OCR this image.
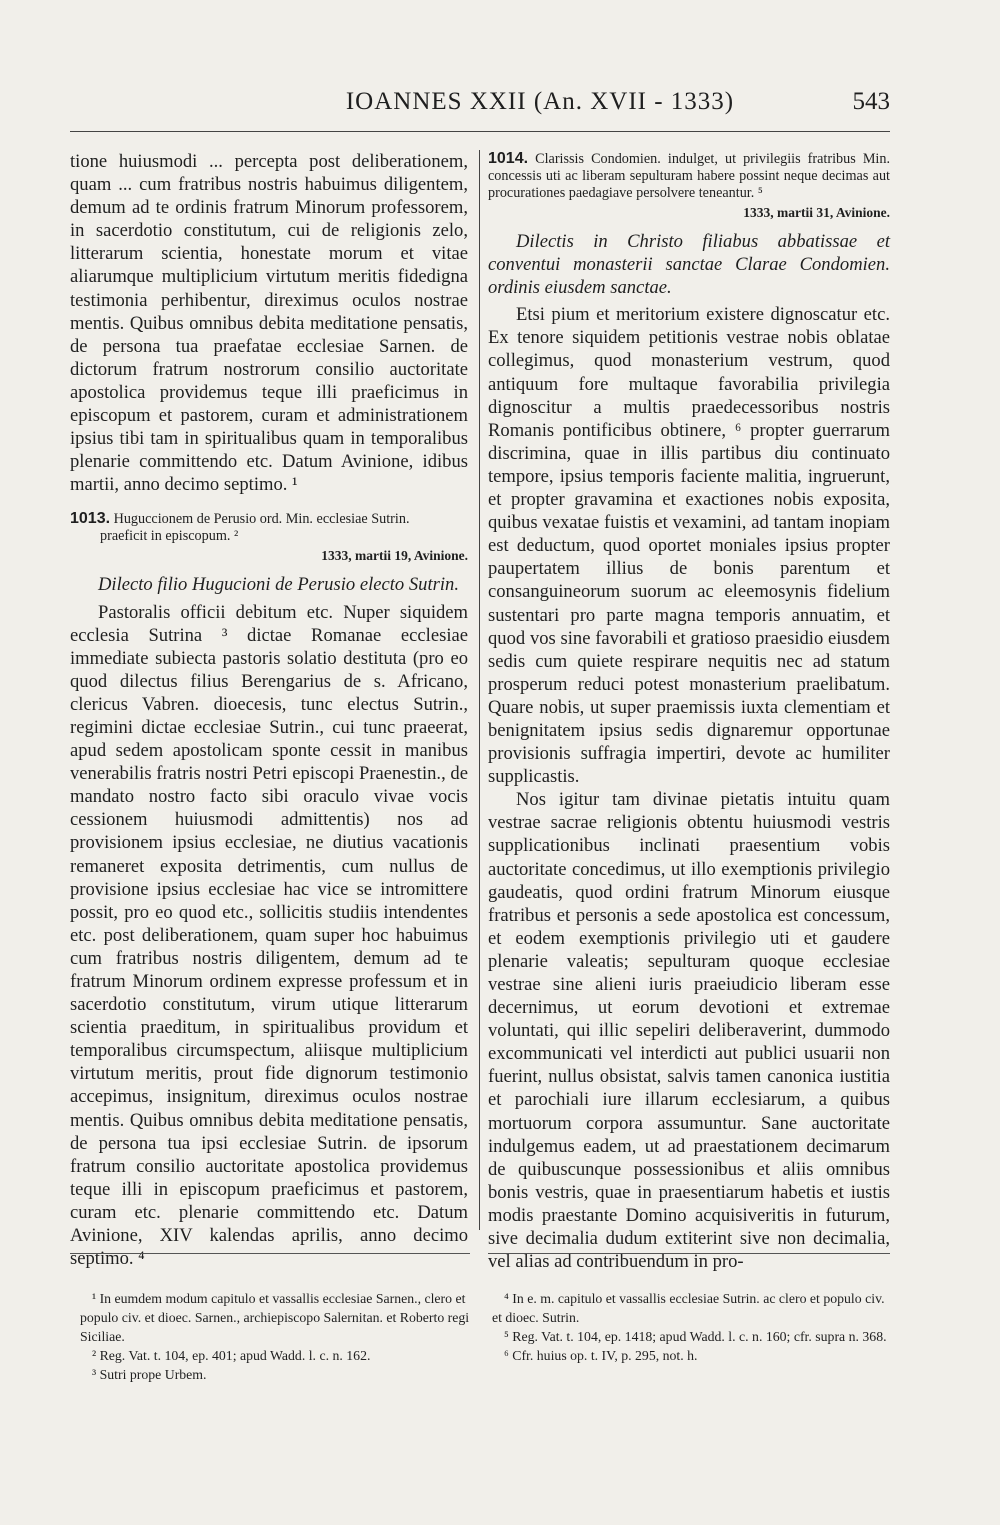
IOANNES XXII (An. XVII - 1333)	543

tione huiusmodi ... percepta post deliberationem, quam ... cum fratribus nostris habuimus diligentem, demum ad te ordinis fratrum Minorum professorem, in sacerdotio constitutum, cui de religionis zelo, litterarum scientia, honestate morum et vitae aliarumque multiplicium virtutum meritis fidedigna testimonia perhibentur, direximus oculos nostrae mentis. Quibus omnibus debita meditatione pensatis, de persona tua praefatae ecclesiae Sarnen. de dictorum fratrum nostrorum consilio auctoritate apostolica providemus teque illi praeficimus in episcopum et pastorem, curam et administrationem ipsius tibi tam in spiritualibus quam in temporalibus plenarie committendo etc. Datum Avinione, idibus martii, anno decimo septimo. ¹

1013. Huguccionem de Perusio ord. Min. ecclesiae Sutrin.
praeficit in episcopum. ²
1333, martii 19, Avinione.

Dilecto filio Hugucioni de Perusio electo Sutrin.

Pastoralis officii debitum etc. Nuper siquidem ecclesia Sutrina ³ dictae Romanae ecclesiae immediate subiecta pastoris solatio destituta (pro eo quod dilectus filius Berengarius de s. Africano, clericus Vabren. dioecesis, tunc electus Sutrin., regimini dictae ecclesiae Sutrin., cui tunc praeerat, apud sedem apostolicam sponte cessit in manibus venerabilis fratris nostri Petri episcopi Praenestin., de mandato nostro facto sibi oraculo vivae vocis cessionem huiusmodi admittentis) nos ad provisionem ipsius ecclesiae, ne diutius vacationis remaneret exposita detrimentis, cum nullus de provisione ipsius ecclesiae hac vice se intromittere possit, pro eo quod etc., sollicitis studiis intendentes etc. post deliberationem, quam super hoc habuimus cum fratribus nostris diligentem, demum ad te fratrum Minorum ordinem expresse professum et in sacerdotio constitutum, virum utique litterarum scientia praeditum, in spiritualibus providum et temporalibus circumspectum, aliisque multiplicium virtutum meritis, prout fide dignorum testimonio accepimus, insignitum, direximus oculos nostrae mentis. Quibus omnibus debita meditatione pensatis, de persona tua ipsi ecclesiae Sutrin. de ipsorum fratrum consilio auctoritate apostolica providemus teque illi in episcopum praeficimus et pastorem, curam etc. plenarie committendo etc. Datum Avinione, XIV kalendas aprilis, anno decimo septimo. ⁴

1014. Clarissis Condomien. indulget, ut privilegiis fratribus Min. concessis uti ac liberam sepulturam habere possint neque decimas aut procurationes paedagiave persolvere teneantur. ⁵
1333, martii 31, Avinione.

Dilectis in Christo filiabus abbatissae et conventui monasterii sanctae Clarae Condomien. ordinis eiusdem sanctae.

Etsi pium et meritorium existere dignoscatur etc. Ex tenore siquidem petitionis vestrae nobis oblatae collegimus, quod monasterium vestrum, quod antiquum fore multaque favorabilia privilegia dignoscitur a multis praedecessoribus nostris Romanis pontificibus obtinere, ⁶ propter guerrarum discrimina, quae in illis partibus diu continuato tempore, ipsius temporis faciente malitia, ingruerunt, et propter gravamina et exactiones nobis exposita, quibus vexatae fuistis et vexamini, ad tantam inopiam est deductum, quod oportet moniales ipsius propter paupertatem illius de bonis parentum et consanguineorum suorum ac eleemosynis fidelium sustentari pro parte magna temporis annuatim, et quod vos sine favorabili et gratioso praesidio eiusdem sedis cum quiete respirare nequitis nec ad statum prosperum reduci potest monasterium praelibatum. Quare nobis, ut super praemissis iuxta clementiam et benignitatem ipsius sedis dignaremur opportunae provisionis suffragia impertiri, devote ac humiliter supplicastis.

Nos igitur tam divinae pietatis intuitu quam vestrae sacrae religionis obtentu huiusmodi vestris supplicationibus inclinati praesentium vobis auctoritate concedimus, ut illo exemptionis privilegio gaudeatis, quod ordini fratrum Minorum eiusque fratribus et personis a sede apostolica est concessum, et eodem exemptionis privilegio uti et gaudere plenarie valeatis; sepulturam quoque ecclesiae vestrae sine alieni iuris praeiudicio liberam esse decernimus, ut eorum devotioni et extremae voluntati, qui illic sepeliri deliberaverint, dummodo excommunicati vel interdicti aut publici usuarii non fuerint, nullus obsistat, salvis tamen canonica iustitia et parochiali iure illarum ecclesiarum, a quibus mortuorum corpora assumuntur. Sane auctoritate indulgemus eadem, ut ad praestationem decimarum de quibuscunque possessionibus et aliis omnibus bonis vestris, quae in praesentiarum habetis et iustis modis praestante Domino acquisiveritis in futurum, sive decimalia dudum extiterint sive non decimalia, vel alias ad contribuendum in pro-

¹ In eumdem modum capitulo et vassallis ecclesiae Sarnen., clero et populo civ. et dioec. Sarnen., archiepiscopo Salernitan. et Roberto regi Siciliae.

² Reg. Vat. t. 104, ep. 401; apud Wadd. l. c. n. 162.

³ Sutri prope Urbem.

⁴ In e. m. capitulo et vassallis ecclesiae Sutrin. ac clero et populo civ. et dioec. Sutrin.

⁵ Reg. Vat. t. 104, ep. 1418; apud Wadd. l. c. n. 160; cfr. supra n. 368.

⁶ Cfr. huius op. t. IV, p. 295, not. h.
